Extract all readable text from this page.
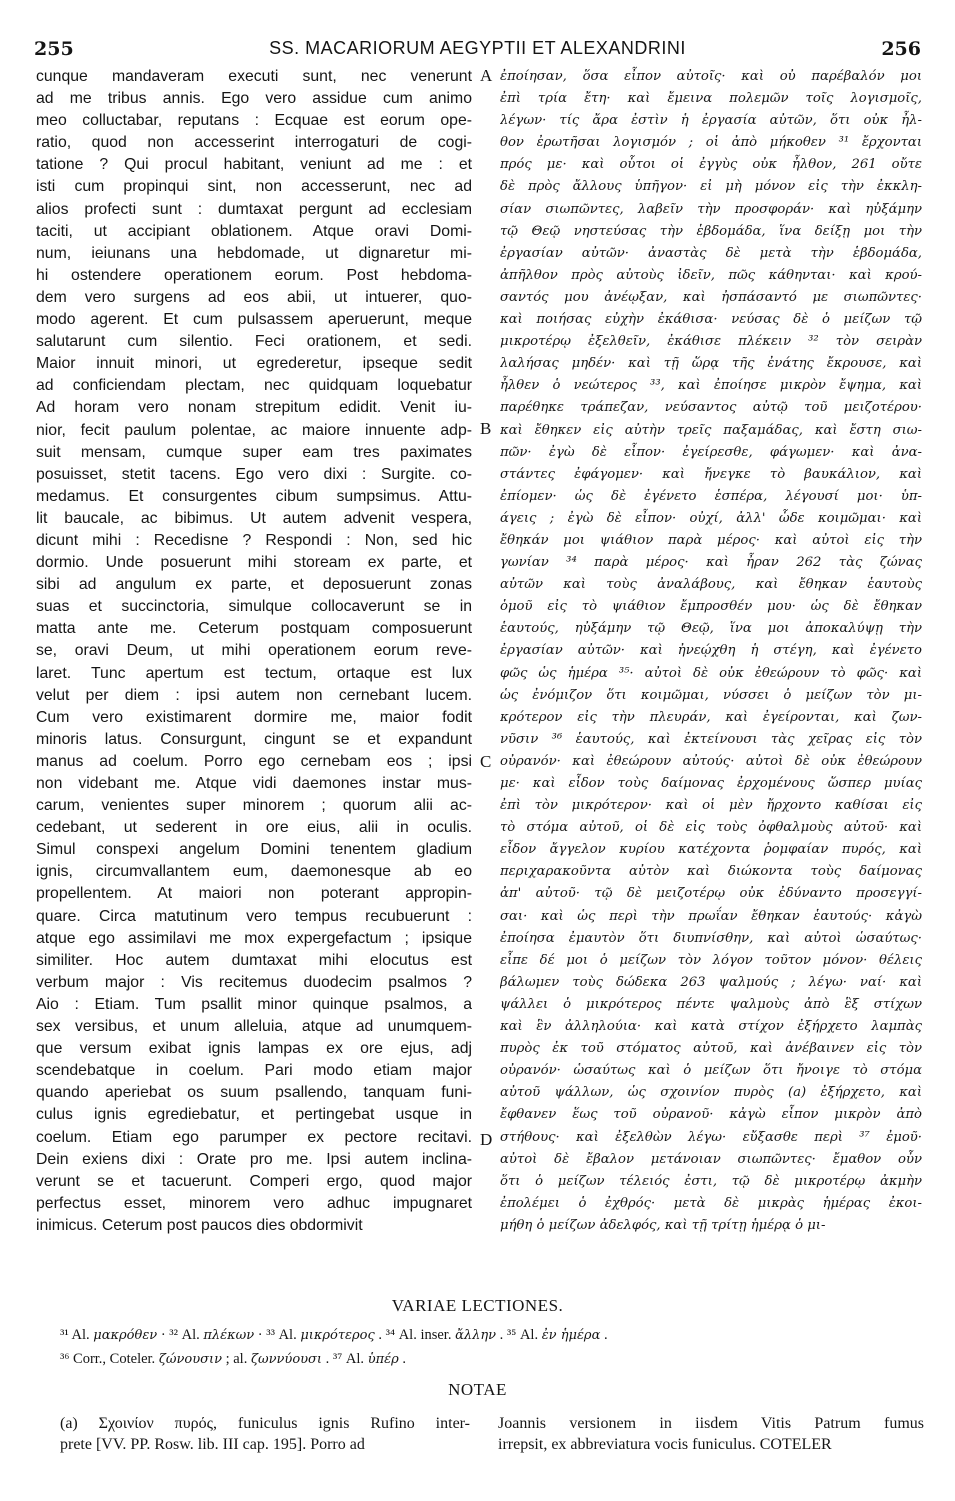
255	SS. MACARIORUM AEGYPTII ET ALEXANDRINI	256
cunque mandaveram executi sunt, nec venerunt
ad me tribus annis. Ego vero assidue cum animo
meo colluctabar, reputans : Ecquae est eorum ope-
ratio, quod non accesserint interrogaturi de cogi-
tatione ? Qui procul habitant, veniunt ad me : et
isti cum propinqui sint, non accesserunt, nec ad
alios profecti sunt : dumtaxat pergunt ad ecclesiam
taciti, ut accipiant oblationem. Atque oravi Domi-
num, ieiunans una hebdomade, ut dignaretur mi-
hi ostendere operationem eorum. Post hebdoma-
dem vero surgens ad eos abii, ut intuerer, quo-
modo agerent. Et cum pulsassem aperuerunt, meque
salutarunt cum silentio. Feci orationem, et sedi.
Maior innuit minori, ut egrederetur, ipseque sedit
ad conficiendam plectam, nec quidquam loquebatur
Ad horam vero nonam strepitum edidit. Venit iu-
nior, fecit paulum polentae, ac maiore innuente adp-
suit mensam, cumque super eam tres paximates
posuisset, stetit tacens. Ego vero dixi : Surgite. co-
medamus. Et consurgentes cibum sumpsimus. Attu-
lit baucale, ac bibimus. Ut autem advenit vespera,
dicunt mihi : Recedisne ? Respondi : Non, sed hic
dormio. Unde posuerunt mihi stoream ex parte, et
sibi ad angulum ex parte, et deposuerunt zonas
suas et succinctoria, simulque collocaverunt se in
matta ante me. Ceterum postquam composuerunt
se, oravi Deum, ut mihi operationem eorum reve-
laret. Tunc apertum est tectum, ortaque est lux
velut per diem : ipsi autem non cernebant lucem.
Cum vero existimarent dormire me, maior fodit
minoris latus. Consurgunt, cingunt se et expandunt
manus ad coelum. Porro ego cernebam eos ; ipsi
non videbant me. Atque vidi daemones instar mus-
carum, venientes super minorem ; quorum alii ac-
cedebant, ut sederent in ore eius, alii in oculis.
Simul conspexi angelum Domini tenentem gladium
ignis, circumvallantem eum, daemonesque ab eo
propellentem. At maiori non poterant appropin-
quare. Circa matutinum vero tempus recubuerunt :
atque ego assimilavi me mox expergefactum ; ipsique
similiter. Hoc autem dumtaxat mihi elocutus est
verbum major : Vis recitemus duodecim psalmos ?
Aio : Etiam. Tum psallit minor quinque psalmos, a
sex versibus, et unum alleluia, atque ad unumquem-
que versum exibat ignis lampas ex ore ejus, adj
scendebatque in coelum. Pari modo etiam major
quando aperiebat os suum psallendo, tanquam funi-
culus ignis egrediebatur, et pertingebat usque in
coelum. Etiam ego parumper ex pectore recitavi.
Dein exiens dixi : Orate pro me. Ipsi autem inclina-
verunt se et tacuerunt. Comperi ergo, quod major
perfectus esset, minorem vero adhuc impugnaret
inimicus. Ceterum post paucos dies obdormivit
ἐποίησαν, ὅσα εἶπον αὐτοῖς· καὶ οὐ παρέβαλόν μοι
ἐπὶ τρία ἔτη· καὶ ἔμεινα πολεμῶν τοῖς λογισμοῖς,
λέγων· τίς ἄρα ἐστὶν ἡ ἐργασία αὐτῶν, ὅτι οὐκ ἦλ-
θον ἐρωτῆσαι λογισμόν ; οἱ ἀπὸ μήκοθεν ³¹ ἔρχονται
πρός με· καὶ οὗτοι οἱ ἐγγὺς οὐκ ἦλθον, 261 οὔτε
δὲ πρὸς ἄλλους ὑπῆγον· εἰ μὴ μόνον εἰς τὴν ἐκκλη-
σίαν σιωπῶντες, λαβεῖν τὴν προσφοράν· καὶ ηὐξάμην
τῷ Θεῷ νηστεύσας τὴν ἑβδομάδα, ἵνα δείξῃ μοι τὴν
ἐργασίαν αὐτῶν· ἀναστὰς δὲ μετὰ τὴν ἑβδομάδα,
ἀπῆλθον πρὸς αὐτοὺς ἰδεῖν, πῶς κάθηνται· καὶ κρού-
σαντός μου ἀνέῳξαν, καὶ ἠσπάσαντό με σιωπῶντες·
καὶ ποιήσας εὐχὴν ἐκάθισα· νεύσας δὲ ὁ μείζων τῷ
μικροτέρῳ ἐξελθεῖν, ἐκάθισε πλέκειν ³² τὸν σειρὰν
λαλήσας μηδέν· καὶ τῇ ὥρᾳ τῆς ἐνάτης ἔκρουσε, καὶ
ἦλθεν ὁ νεώτερος ³³, καὶ ἐποίησε μικρὸν ἔψημα, καὶ
παρέθηκε τράπεζαν, νεύσαντος αὐτῷ τοῦ μειζοτέρου·
καὶ ἔθηκεν εἰς αὐτὴν τρεῖς παξαμάδας, καὶ ἔστη σιω-
πῶν· ἐγὼ δὲ εἶπον· ἐγείρεσθε, φάγωμεν· καὶ ἀνα-
στάντες ἐφάγομεν· καὶ ἤνεγκε τὸ βαυκάλιον, καὶ
ἐπίομεν· ὡς δὲ ἐγένετο ἑσπέρα, λέγουσί μοι· ὑπ-
άγεις ; ἐγὼ δὲ εἶπον· οὐχί, ἀλλ' ὧδε κοιμῶμαι· καὶ
ἔθηκάν μοι ψιάθιον παρὰ μέρος· καὶ αὐτοὶ εἰς τὴν
γωνίαν ³⁴ παρὰ μέρος· καὶ ἦραν 262 τὰς ζώνας
αὐτῶν καὶ τοὺς ἀναλάβους, καὶ ἔθηκαν ἑαυτοὺς
ὁμοῦ εἰς τὸ ψιάθιον ἔμπροσθέν μου· ὡς δὲ ἔθηκαν
ἑαυτούς, ηὐξάμην τῷ Θεῷ, ἵνα μοι ἀποκαλύψῃ τὴν
ἐργασίαν αὐτῶν· καὶ ἠνεῴχθη ἡ στέγη, καὶ ἐγένετο
φῶς ὡς ἡμέρα ³⁵· αὐτοὶ δὲ οὐκ ἐθεώρουν τὸ φῶς· καὶ
ὡς ἐνόμιζον ὅτι κοιμῶμαι, νύσσει ὁ μείζων τὸν μι-
κρότερον εἰς τὴν πλευράν, καὶ ἐγείρονται, καὶ ζων-
νῦσιν ³⁶ ἑαυτούς, καὶ ἐκτείνουσι τὰς χεῖρας εἰς τὸν
οὐρανόν· καὶ ἐθεώρουν αὐτούς· αὐτοὶ δὲ οὐκ ἐθεώρουν
με· καὶ εἶδον τοὺς δαίμονας ἐρχομένους ὥσπερ μυίας
ἐπὶ τὸν μικρότερον· καὶ οἱ μὲν ἤρχοντο καθίσαι εἰς
τὸ στόμα αὐτοῦ, οἱ δὲ εἰς τοὺς ὀφθαλμοὺς αὐτοῦ· καὶ
εἶδον ἄγγελον κυρίου κατέχοντα ῥομφαίαν πυρός, καὶ
περιχαρακοῦντα αὐτὸν καὶ διώκοντα τοὺς δαίμονας
ἀπ' αὐτοῦ· τῷ δὲ μειζοτέρῳ οὐκ ἐδύναντο προσεγγί-
σαι· καὶ ὡς περὶ τὴν πρωΐαν ἔθηκαν ἑαυτούς· κἀγὼ
ἐποίησα ἐμαυτὸν ὅτι διυπνίσθην, καὶ αὐτοὶ ὡσαύτως·
εἶπε δέ μοι ὁ μείζων τὸν λόγον τοῦτον μόνον· θέλεις
βάλωμεν τοὺς δώδεκα 263 ψαλμούς ; λέγω· ναί· καὶ
ψάλλει ὁ μικρότερος πέντε ψαλμοὺς ἀπὸ ἓξ στίχων
καὶ ἓν ἀλληλούια· καὶ κατὰ στίχον ἐξήρχετο λαμπὰς
πυρὸς ἐκ τοῦ στόματος αὐτοῦ, καὶ ἀνέβαινεν εἰς τὸν
οὐρανόν· ὡσαύτως καὶ ὁ μείζων ὅτι ἤνοιγε τὸ στόμα
αὐτοῦ ψάλλων, ὡς σχοινίον πυρὸς (a) ἐξήρχετο, καὶ
ἔφθανεν ἕως τοῦ οὐρανοῦ· κἀγὼ εἶπον μικρὸν ἀπὸ
στήθους· καὶ ἐξελθὼν λέγω· εὔξασθε περὶ ³⁷ ἐμοῦ·
αὐτοὶ δὲ ἔβαλον μετάνοιαν σιωπῶντες· ἔμαθον οὖν
ὅτι ὁ μείζων τέλειός ἐστι, τῷ δὲ μικροτέρῳ ἀκμὴν
ἐπολέμει ὁ ἐχθρός· μετὰ δὲ μικρὰς ἡμέρας ἐκοι-
μήθη ὁ μείζων ἀδελφός, καὶ τῇ τρίτῃ ἡμέρᾳ ὁ μι-
A
B
C
D
VARIAE LECTIONES.
³¹ Al. μακρόθεν · ³² Al. πλέκων · ³³ Al. μικρότερος . ³⁴ Al. inser. ἄλλην . ³⁵ Al. ἐν ἡμέρα .
³⁶ Corr., Coteler. ζώνουσιν ; al. ζωννύουσι . ³⁷ Al. ὑπέρ .
NOTAE
(a) Σχοινίον πυρός, funiculus ignis Rufino inter-
prete [VV. PP. Rosw. lib. III cap. 195]. Porro ad
Joannis versionem in iisdem Vitis Patrum fumus
irrepsit, ex abbreviatura vocis funiculus. COTELER
